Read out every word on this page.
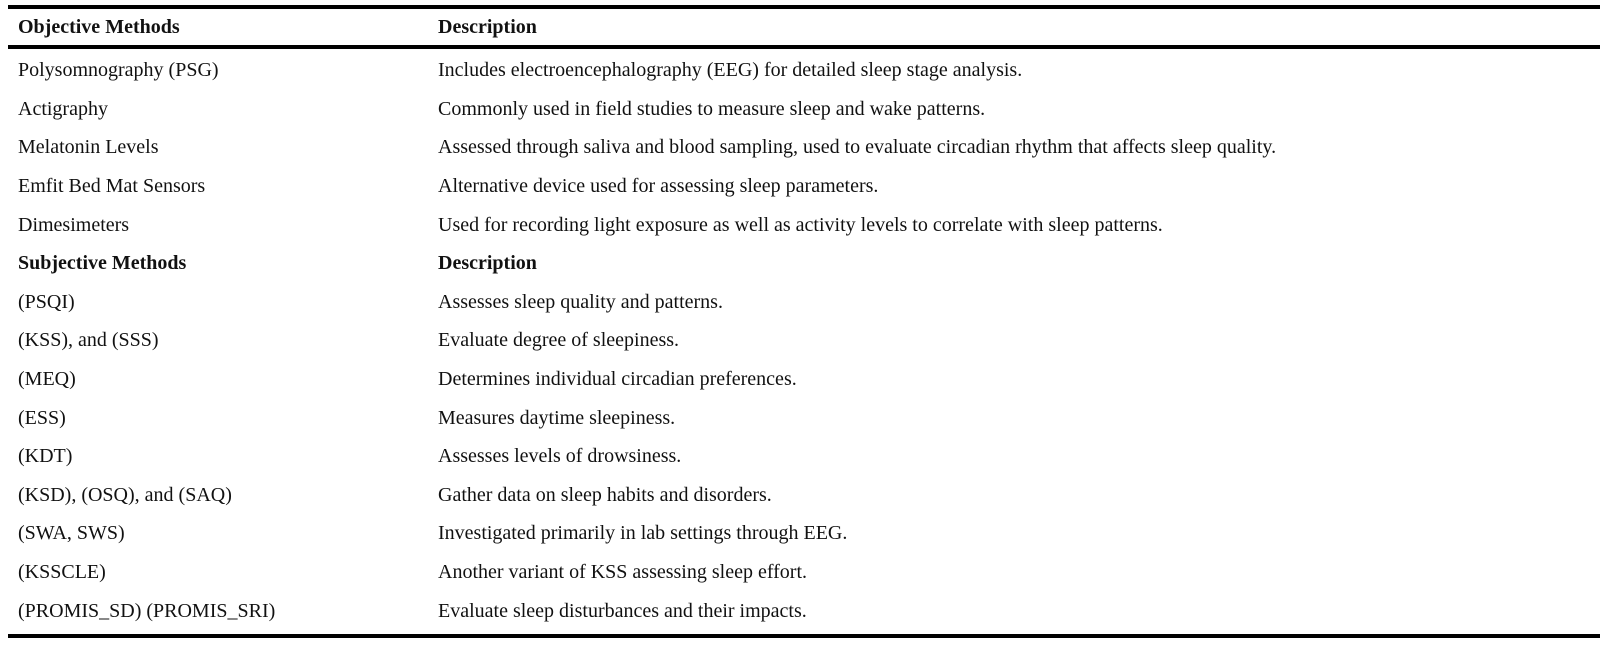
Objective Methods	Description
Polysomnography (PSG)	Includes electroencephalography (EEG) for detailed sleep stage analysis.
Actigraphy	Commonly used in field studies to measure sleep and wake patterns.
Melatonin Levels	Assessed through saliva and blood sampling, used to evaluate circadian rhythm that affects sleep quality.
Emfit Bed Mat Sensors	Alternative device used for assessing sleep parameters.
Dimesimeters	Used for recording light exposure as well as activity levels to correlate with sleep patterns.
Subjective Methods	Description
(PSQI)	Assesses sleep quality and patterns.
(KSS), and (SSS)	Evaluate degree of sleepiness.
(MEQ)	Determines individual circadian preferences.
(ESS)	Measures daytime sleepiness.
(KDT)	Assesses levels of drowsiness.
(KSD), (OSQ), and (SAQ)	Gather data on sleep habits and disorders.
(SWA, SWS)	Investigated primarily in lab settings through EEG.
(KSSCLE)	Another variant of KSS assessing sleep effort.
(PROMIS_SD) (PROMIS_SRI)	Evaluate sleep disturbances and their impacts.
